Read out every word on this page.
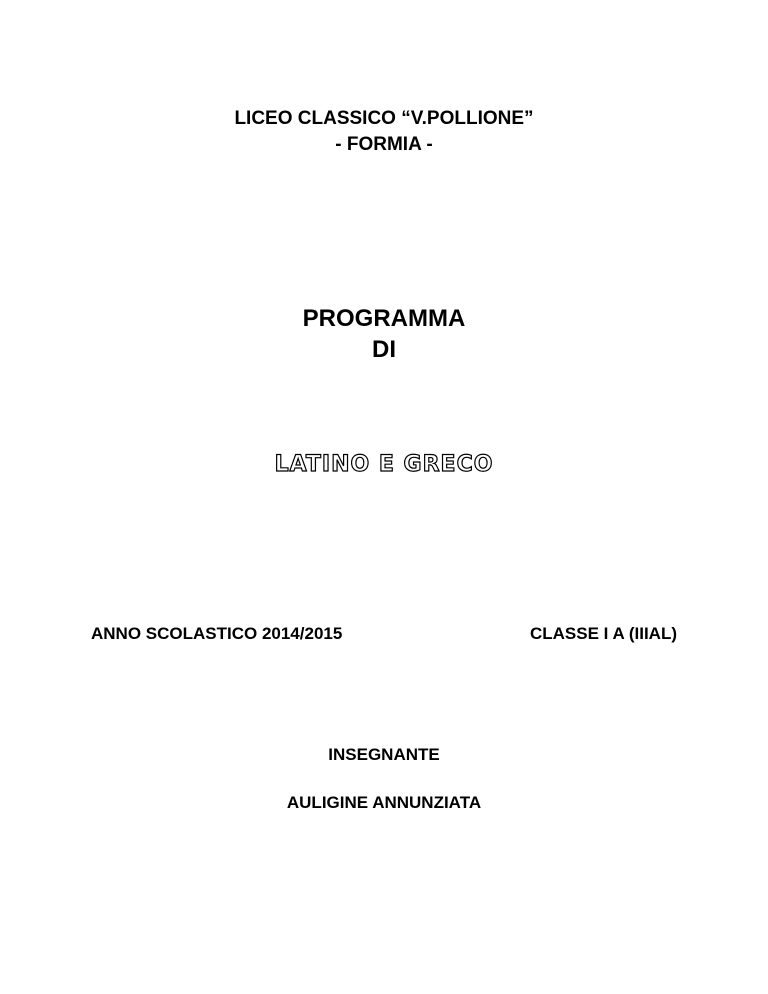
LICEO CLASSICO “V.POLLIONE”
- FORMIA -
PROGRAMMA
DI
LATINO E GRECO
ANNO SCOLASTICO 2014/2015	CLASSE I A (IIIAL)
INSEGNANTE
AULIGINE ANNUNZIATA
